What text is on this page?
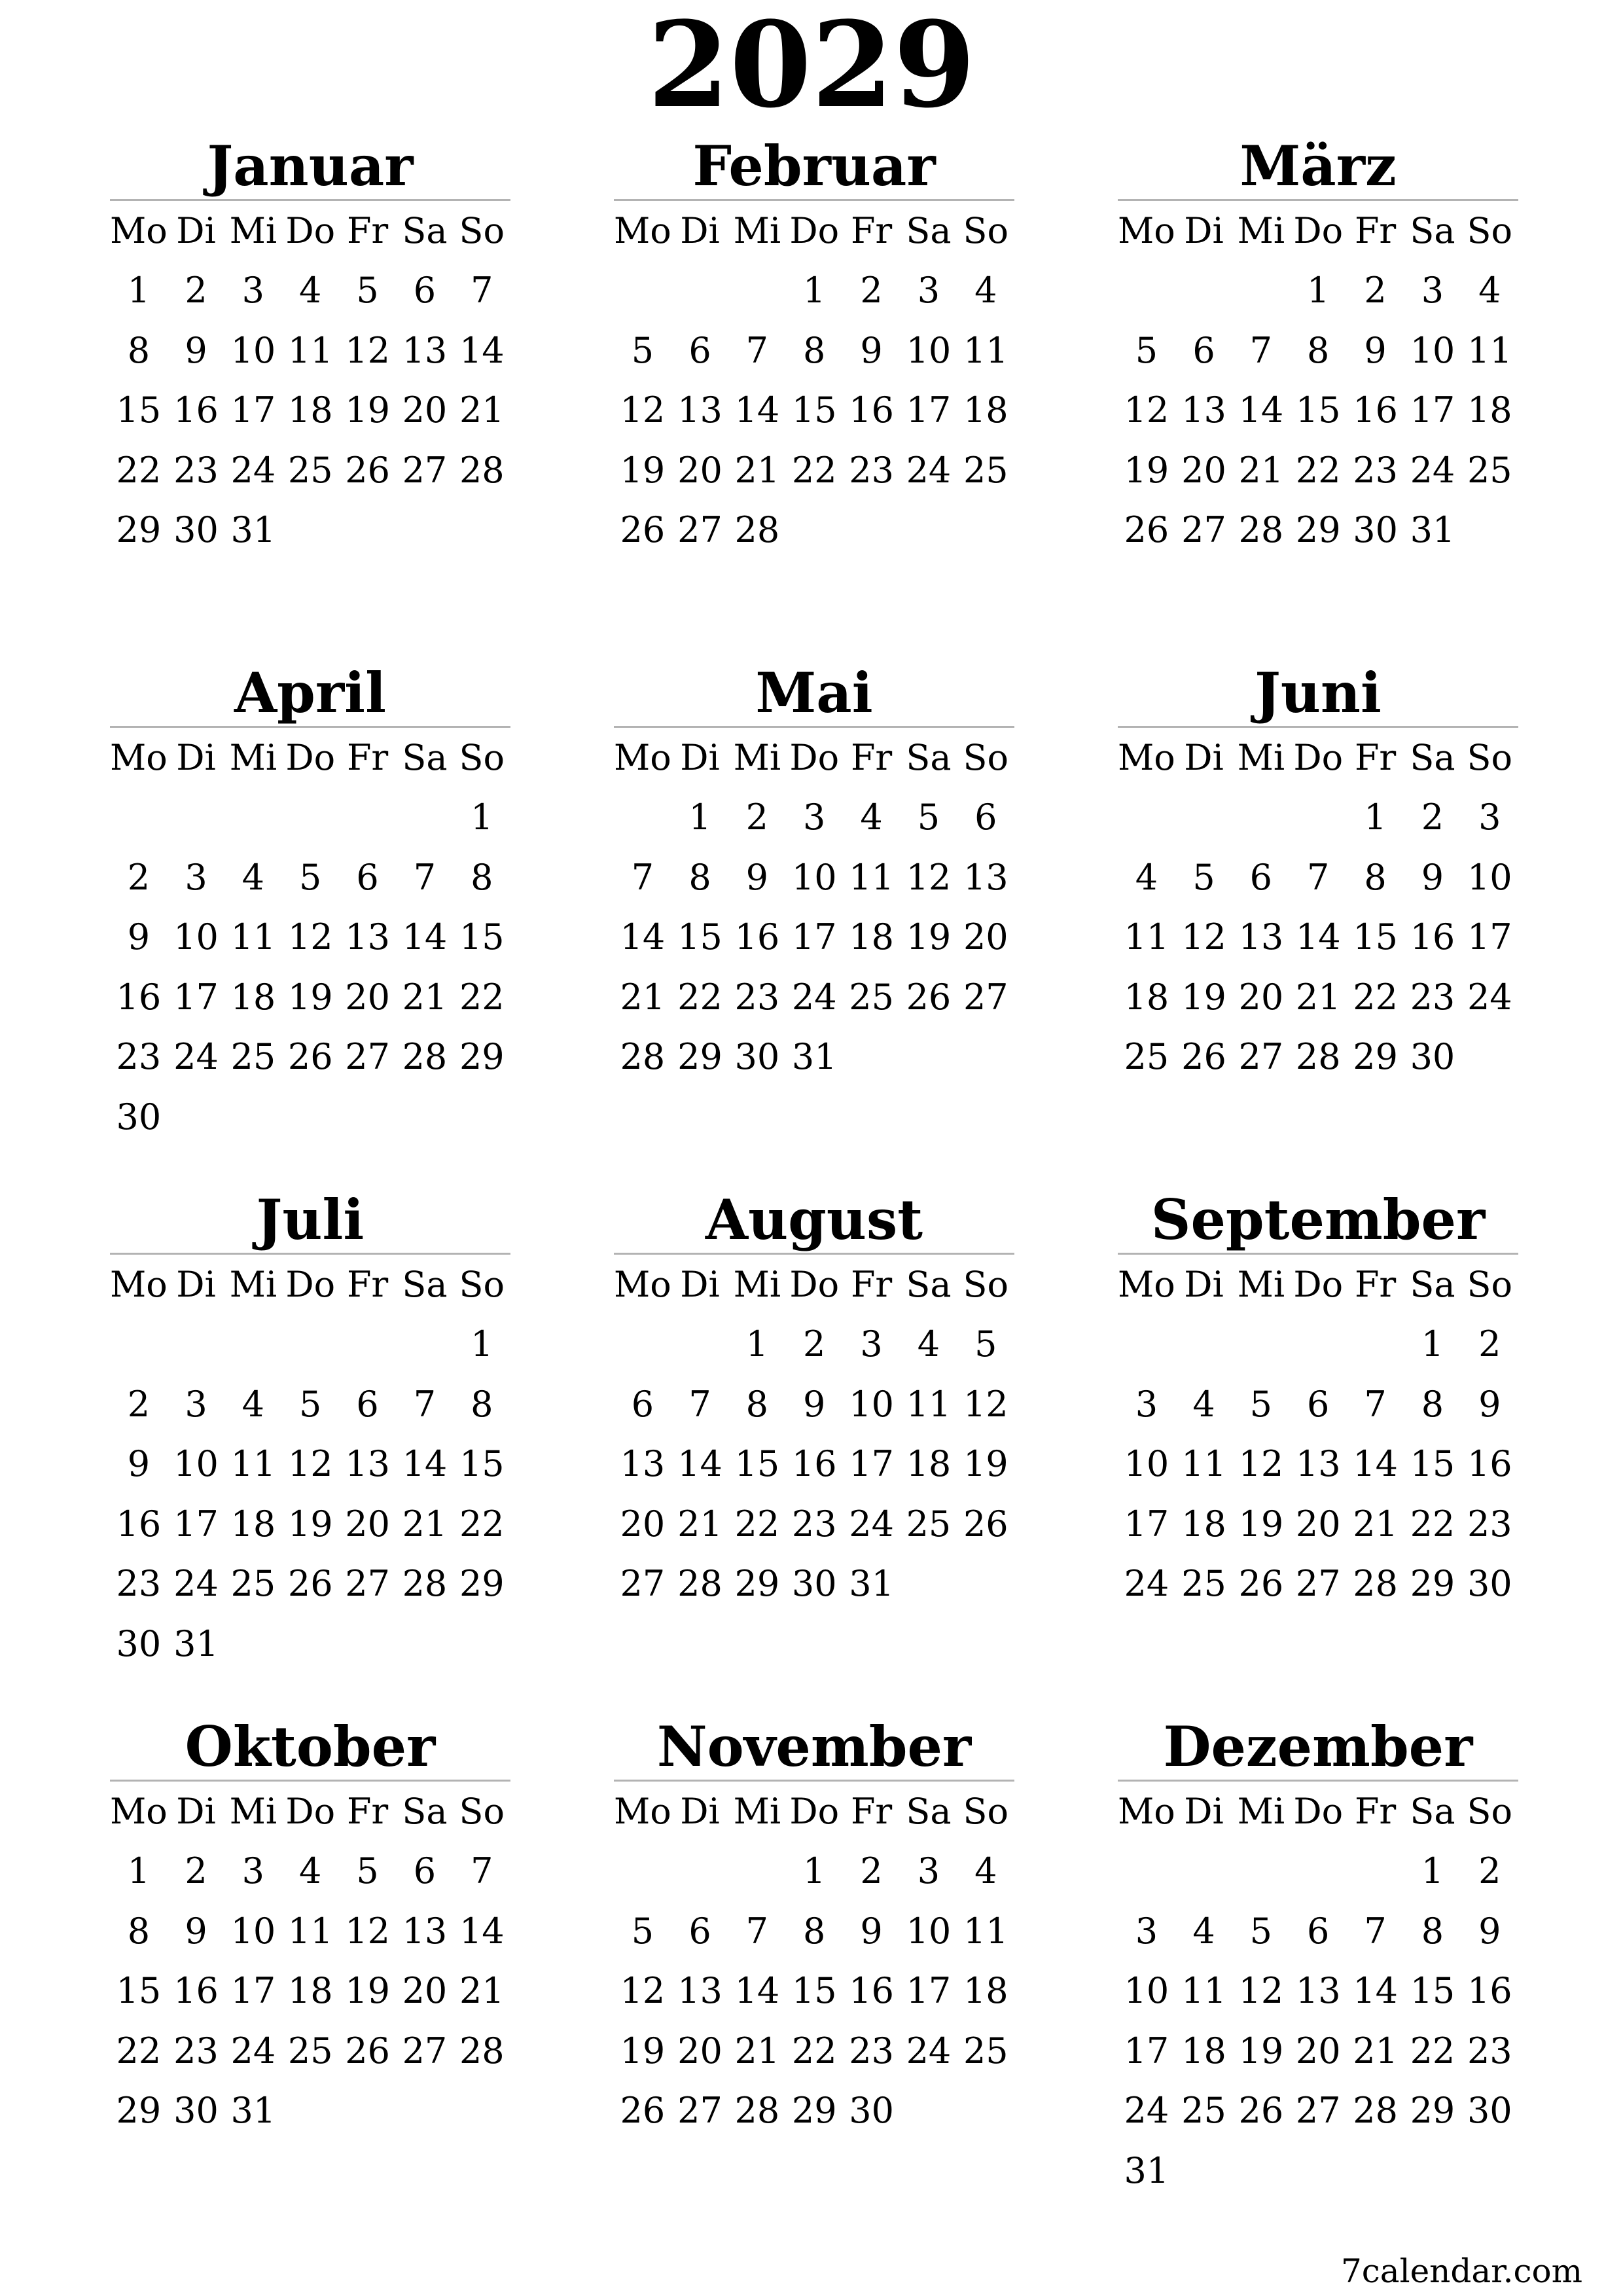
2029
Januar
Mo Di Mi Do Fr Sa So
1 2 3 4 5 6 7
8 9 10 11 12 13 14
15 16 17 18 19 20 21
22 23 24 25 26 27 28
29 30 31
Februar
Mo Di Mi Do Fr Sa So
1 2 3 4
5 6 7 8 9 10 11
12 13 14 15 16 17 18
19 20 21 22 23 24 25
26 27 28
März
Mo Di Mi Do Fr Sa So
1 2 3 4
5 6 7 8 9 10 11
12 13 14 15 16 17 18
19 20 21 22 23 24 25
26 27 28 29 30 31
April
Mo Di Mi Do Fr Sa So
1
2 3 4 5 6 7 8
9 10 11 12 13 14 15
16 17 18 19 20 21 22
23 24 25 26 27 28 29
30
Mai
Mo Di Mi Do Fr Sa So
1 2 3 4 5 6
7 8 9 10 11 12 13
14 15 16 17 18 19 20
21 22 23 24 25 26 27
28 29 30 31
Juni
Mo Di Mi Do Fr Sa So
1 2 3
4 5 6 7 8 9 10
11 12 13 14 15 16 17
18 19 20 21 22 23 24
25 26 27 28 29 30
Juli
Mo Di Mi Do Fr Sa So
1
2 3 4 5 6 7 8
9 10 11 12 13 14 15
16 17 18 19 20 21 22
23 24 25 26 27 28 29
30 31
August
Mo Di Mi Do Fr Sa So
1 2 3 4 5
6 7 8 9 10 11 12
13 14 15 16 17 18 19
20 21 22 23 24 25 26
27 28 29 30 31
September
Mo Di Mi Do Fr Sa So
1 2
3 4 5 6 7 8 9
10 11 12 13 14 15 16
17 18 19 20 21 22 23
24 25 26 27 28 29 30
Oktober
Mo Di Mi Do Fr Sa So
1 2 3 4 5 6 7
8 9 10 11 12 13 14
15 16 17 18 19 20 21
22 23 24 25 26 27 28
29 30 31
November
Mo Di Mi Do Fr Sa So
1 2 3 4
5 6 7 8 9 10 11
12 13 14 15 16 17 18
19 20 21 22 23 24 25
26 27 28 29 30
Dezember
Mo Di Mi Do Fr Sa So
1 2
3 4 5 6 7 8 9
10 11 12 13 14 15 16
17 18 19 20 21 22 23
24 25 26 27 28 29 30
31
7calendar.com
